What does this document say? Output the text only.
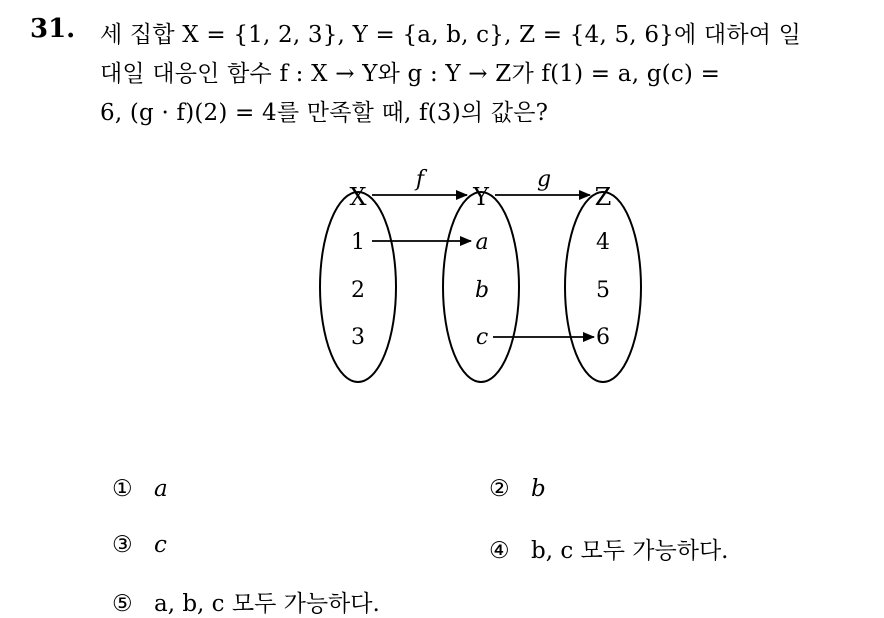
31. 세 집합 X = {1, 2, 3}, Y = {a, b, c}, Z = {4, 5, 6}에 대하여 일
대일 대응인 함수 f : X → Y와 g : Y → Z가 f(1) = a, g(c) =
6, (g · f)(2) = 4를 만족할 때, f(3)의 값은?
X	Y	Z
f	g
1
2
3
a
b
c
4
5
6
① a	② b
③ c	④ b, c 모두 가능하다.
⑤ a, b, c 모두 가능하다.
